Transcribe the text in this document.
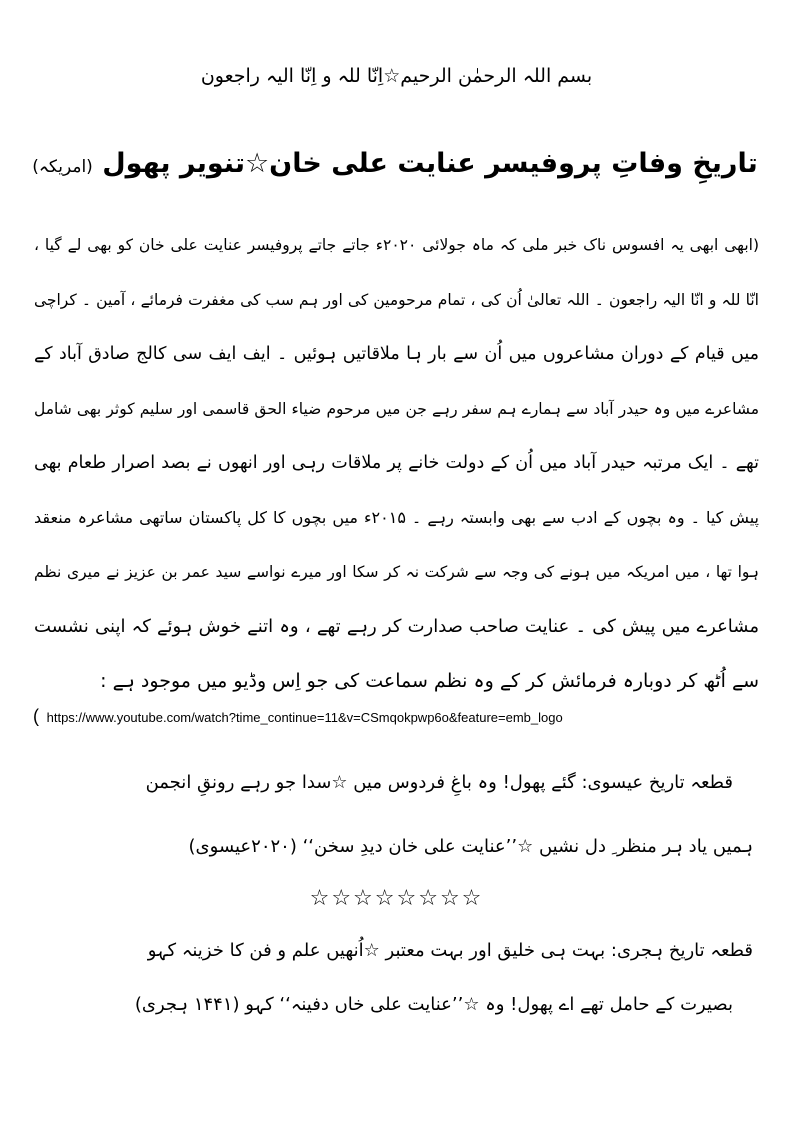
بسم اللہ الرحمٰن الرحیم☆اِنّا للہ و اِنّا الیہ راجعون
تاریخِ وفاتِ پروفیسر عنایت علی خان☆تنویر پھول (امریکہ)
(ابھی ابھی یہ افسوس ناک خبر ملی کہ ماہ جولائی ۲۰۲۰ء جاتے جاتے پروفیسر عنایت علی خان کو بھی لے گیا ،
انّا للہ و انّا الیہ راجعون ۔ اللہ تعالیٰ اُن کی ، تمام مرحومین کی اور ہم سب کی مغفرت فرمائے ، آمین ۔ کراچی
میں قیام کے دوران مشاعروں میں اُن سے بار ہا ملاقاتیں ہوئیں ۔ ایف ایف سی کالج صادق آباد کے
مشاعرے میں وہ حیدر آباد سے ہمارے ہم سفر رہے جن میں مرحوم ضیاء الحق قاسمی اور سلیم کوثر بھی شامل
تھے ۔ ایک مرتبہ حیدر آباد میں اُن کے دولت خانے پر ملاقات رہی اور انھوں نے بصد اصرار طعام بھی
پیش کیا ۔ وہ بچوں کے ادب سے بھی وابستہ رہے ۔ ۲۰۱۵ء میں بچوں کا کل پاکستان ساتھی مشاعرہ منعقد
ہوا تھا ، میں امریکہ میں ہونے کی وجہ سے شرکت نہ کر سکا اور میرے نواسے سید عمر بن عزیز نے میری نظم
مشاعرے میں پیش کی ۔ عنایت صاحب صدارت کر رہے تھے ، وہ اتنے خوش ہوئے کہ اپنی نشست
سے اُٹھ کر دوبارہ فرمائش کر کے وہ نظم سماعت کی جو اِس وڈیو میں موجود ہے :
( https://www.youtube.com/watch?time_continue=11&v=CSmqokpwp6o&feature=emb_logo
قطعہ تاریخ عیسوی: گئے پھول! وہ باغِ فردوس میں ☆سدا جو رہے رونقِ انجمن
ہمیں یاد ہر منظر ِ دل نشیں ☆’’عنایت علی خان دیدِ سخن‘‘ (۲۰۲۰عیسوی)
☆☆☆☆☆☆☆☆
قطعہ تاریخ ہجری: بہت ہی خلیق اور بہت معتبر ☆اُنھیں علم و فن کا خزینہ کہو
بصیرت کے حامل تھے اے پھول! وہ ☆’’عنایت علی خاں دفینہ‘‘ کہو (۱۴۴۱ ہجری)
